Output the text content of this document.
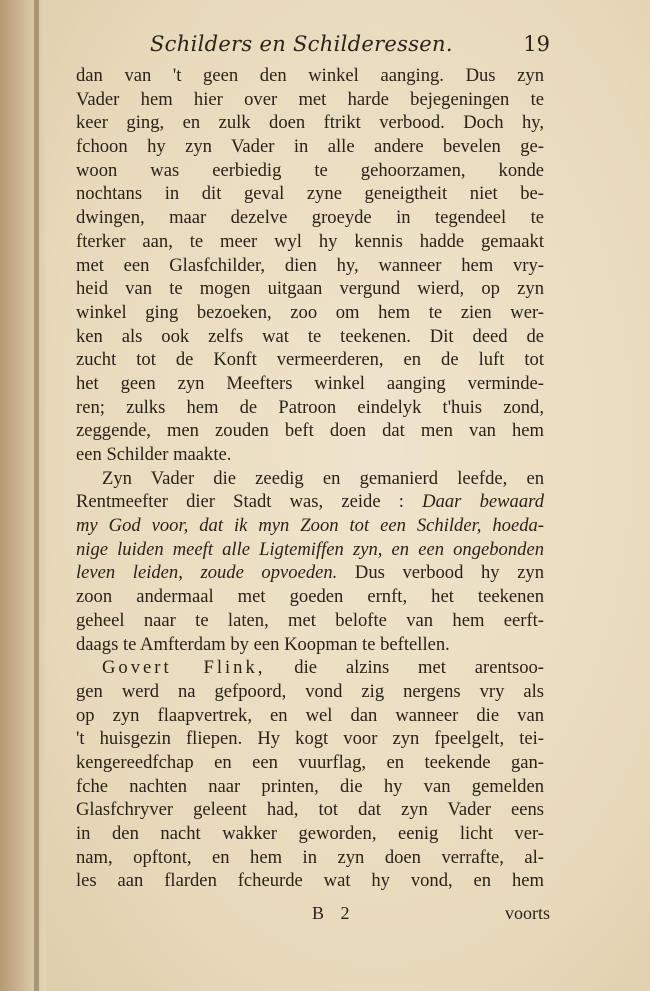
Schilders en Schilderessen.	19
dan van 't geen den winkel aanging. Dus zyn
Vader hem hier over met harde bejegeningen te
keer ging, en zulk doen ftrikt verbood. Doch hy,
fchoon hy zyn Vader in alle andere bevelen ge-
woon was eerbiedig te gehoorzamen, konde
nochtans in dit geval zyne geneigtheit niet be-
dwingen, maar dezelve groeyde in tegendeel te
fterker aan, te meer wyl hy kennis hadde gemaakt
met een Glasfchilder, dien hy, wanneer hem vry-
heid van te mogen uitgaan vergund wierd, op zyn
winkel ging bezoeken, zoo om hem te zien wer-
ken als ook zelfs wat te teekenen. Dit deed de
zucht tot de Konft vermeerderen, en de luft tot
het geen zyn Meefters winkel aanging verminde-
ren; zulks hem de Patroon eindelyk t'huis zond,
zeggende, men zouden beft doen dat men van hem
een Schilder maakte.
Zyn Vader die zeedig en gemanierd leefde, en
Rentmeefter dier Stadt was, zeide : Daar bewaard
my God voor, dat ik myn Zoon tot een Schilder, hoeda-
nige luiden meeft alle Ligtemiffen zyn, en een ongebonden
leven leiden, zoude opvoeden. Dus verbood hy zyn
zoon andermaal met goeden ernft, het teekenen
geheel naar te laten, met belofte van hem eerft-
daags te Amfterdam by een Koopman te beftellen.
Govert Flink, die alzins met arentsoo-
gen werd na gefpoord, vond zig nergens vry als
op zyn flaapvertrek, en wel dan wanneer die van
't huisgezin fliepen. Hy kogt voor zyn fpeelgelt, tei-
kengereedfchap en een vuurflag, en teekende gan-
fche nachten naar printen, die hy van gemelden
Glasfchryver geleent had, tot dat zyn Vader eens
in den nacht wakker geworden, eenig licht ver-
nam, opftont, en hem in zyn doen verrafte, al-
les aan flarden fcheurde wat hy vond, en hem
B 2	voorts
